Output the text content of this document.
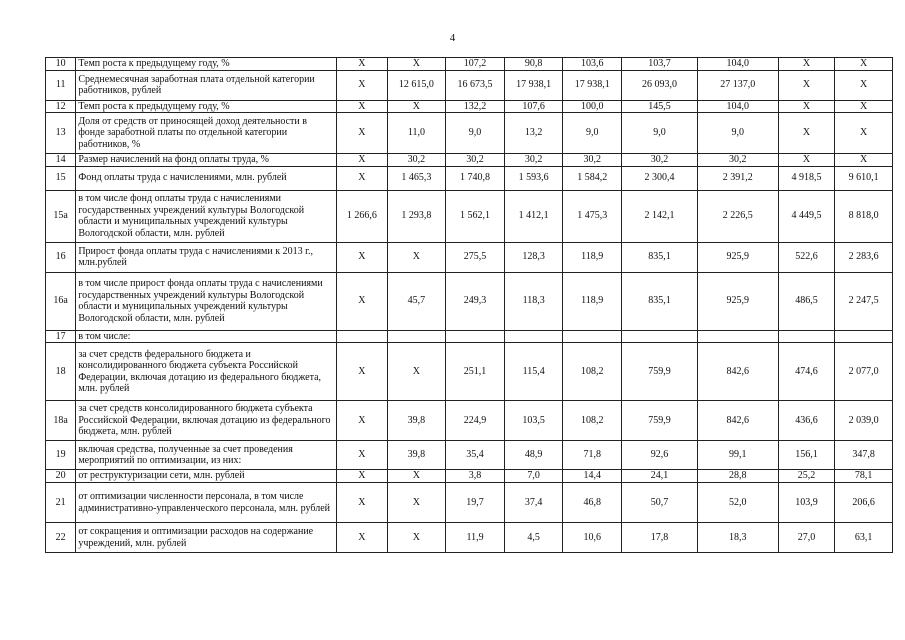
4
10	Темп роста к предыдущему году, %	X	X	107,2	90,8	103,6	103,7	104,0	X	X
11	Среднемесячная заработная плата отдельной категории работников, рублей	X	12 615,0	16 673,5	17 938,1	17 938,1	26 093,0	27 137,0	X	X
12	Темп роста к предыдущему году, %	X	X	132,2	107,6	100,0	145,5	104,0	X	X
13	Доля от средств от приносящей доход деятельности в фонде заработной платы по отдельной категории работников, %	X	11,0	9,0	13,2	9,0	9,0	9,0	X	X
14	Размер начислений на фонд оплаты труда, %	X	30,2	30,2	30,2	30,2	30,2	30,2	X	X
15	Фонд оплаты труда с начислениями, млн. рублей	X	1 465,3	1 740,8	1 593,6	1 584,2	2 300,4	2 391,2	4 918,5	9 610,1
15а	в том числе фонд оплаты труда с начислениями государственных учреждений культуры Вологодской области и муниципальных учреждений культуры Вологодской области, млн. рублей	1 266,6	1 293,8	1 562,1	1 412,1	1 475,3	2 142,1	2 226,5	4 449,5	8 818,0
16	Прирост фонда оплаты труда с начислениями к 2013 г., млн.рублей	X	X	275,5	128,3	118,9	835,1	925,9	522,6	2 283,6
16а	в том числе прирост фонда оплаты труда с начислениями государственных учреждений культуры Вологодской области и муниципальных учреждений культуры Вологодской области, млн. рублей	X	45,7	249,3	118,3	118,9	835,1	925,9	486,5	2 247,5
17	в том числе:									
18	за счет средств федерального бюджета и консолидированного бюджета субъекта Российской Федерации, включая дотацию из федерального бюджета, млн. рублей	X	X	251,1	115,4	108,2	759,9	842,6	474,6	2 077,0
18а	за счет средств консолидированного бюджета субъекта Российской Федерации, включая дотацию из федерального бюджета, млн. рублей	X	39,8	224,9	103,5	108,2	759,9	842,6	436,6	2 039,0
19	включая средства, полученные за счет проведения мероприятий по оптимизации, из них:	X	39,8	35,4	48,9	71,8	92,6	99,1	156,1	347,8
20	от реструктуризации сети, млн. рублей	X	X	3,8	7,0	14,4	24,1	28,8	25,2	78,1
21	от оптимизации численности персонала, в том числе административно-управленческого персонала, млн. рублей	X	X	19,7	37,4	46,8	50,7	52,0	103,9	206,6
22	от сокращения и оптимизации расходов на содержание учреждений, млн. рублей	X	X	11,9	4,5	10,6	17,8	18,3	27,0	63,1
